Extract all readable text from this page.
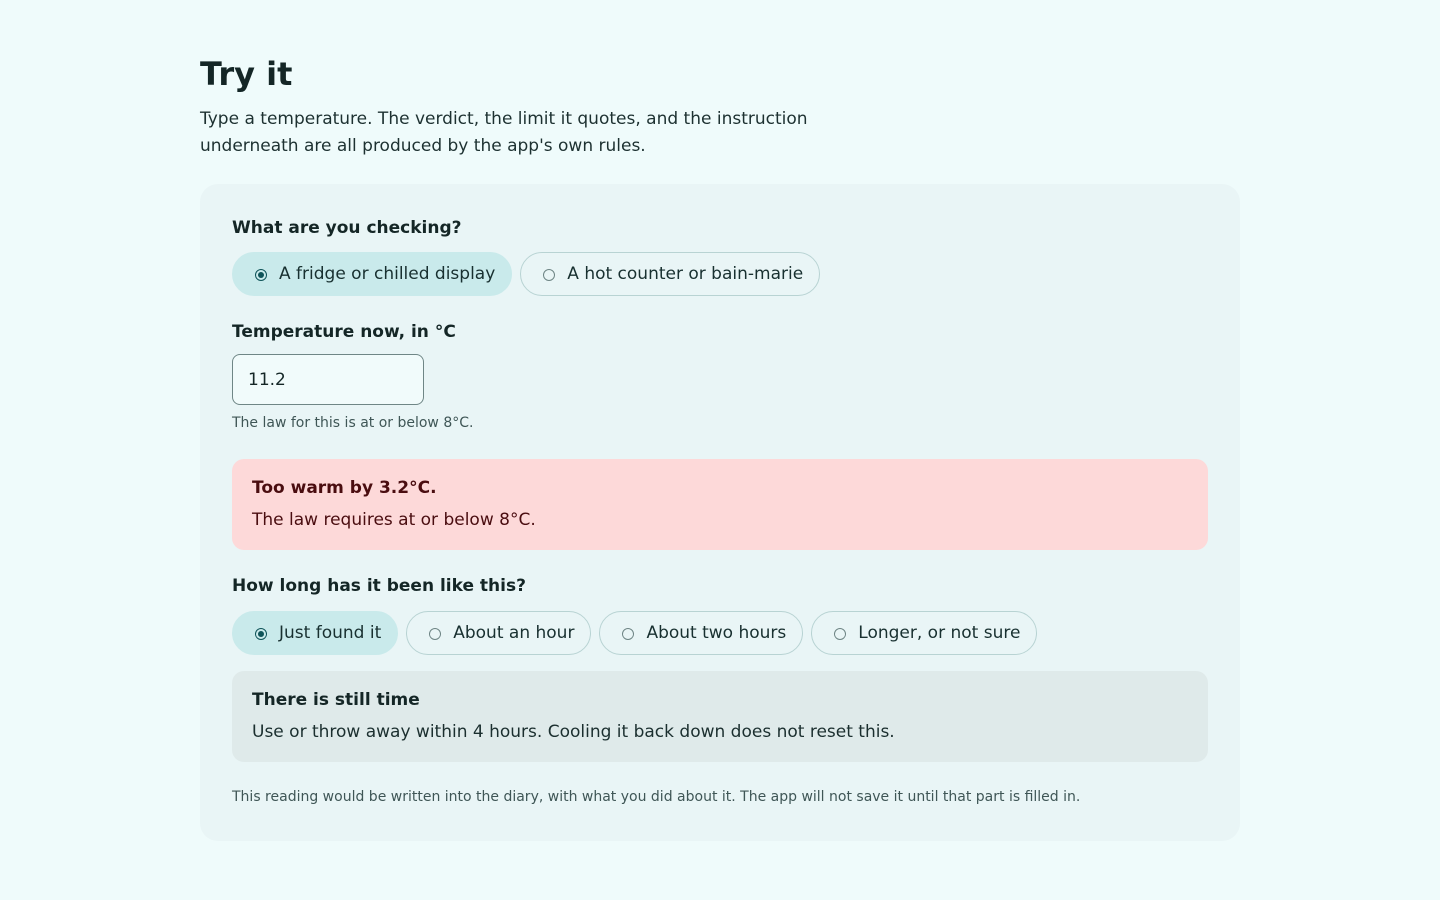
Try it

Type a temperature. The verdict, the limit it quotes, and the instruction underneath are all produced by the app's own rules.

What are you checking?
A fridge or chilled display	A hot counter or bain-marie
Temperature now, in °C
11.2
The law for this is at or below 8°C.
Too warm by 3.2°C.
The law requires at or below 8°C.
How long has it been like this?
Just found it	About an hour	About two hours	Longer, or not sure
There is still time
Use or throw away within 4 hours. Cooling it back down does not reset this.
This reading would be written into the diary, with what you did about it. The app will not save it until that part is filled in.
